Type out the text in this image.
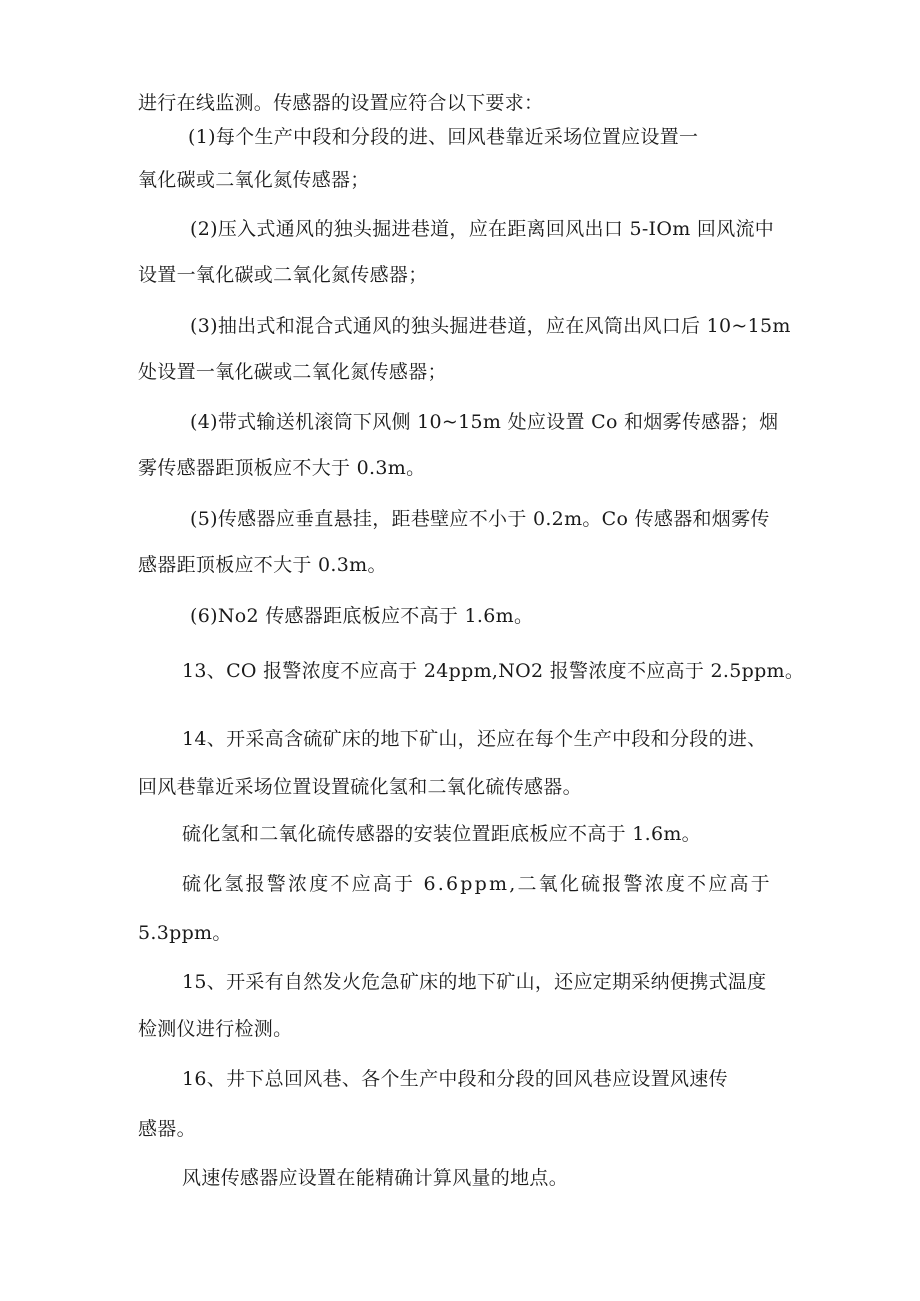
进行在线监测。传感器的设置应符合以下要求：
(1)每个生产中段和分段的进、回风巷靠近采场位置应设置一
氧化碳或二氧化氮传感器；
(2)压入式通风的独头掘进巷道，应在距离回风出口 5-IOm 回风流中
设置一氧化碳或二氧化氮传感器；
(3)抽出式和混合式通风的独头掘进巷道，应在风筒出风口后 10~15m
处设置一氧化碳或二氧化氮传感器；
(4)带式输送机滚筒下风侧 10~15m 处应设置 Co 和烟雾传感器；烟
雾传感器距顶板应不大于 0.3m。
(5)传感器应垂直悬挂，距巷壁应不小于 0.2m。Co 传感器和烟雾传
感器距顶板应不大于 0.3m。
(6)No2 传感器距底板应不高于 1.6m。
13、CO 报警浓度不应高于 24ppm,NO2 报警浓度不应高于 2.5ppm。
14、开采高含硫矿床的地下矿山，还应在每个生产中段和分段的进、
回风巷靠近采场位置设置硫化氢和二氧化硫传感器。
硫化氢和二氧化硫传感器的安装位置距底板应不高于 1.6m。
硫化氢报警浓度不应高于 6.6ppm,二氧化硫报警浓度不应高于
5.3ppm。
15、开采有自然发火危急矿床的地下矿山，还应定期采纳便携式温度
检测仪进行检测。
16、井下总回风巷、各个生产中段和分段的回风巷应设置风速传
感器。
风速传感器应设置在能精确计算风量的地点。
